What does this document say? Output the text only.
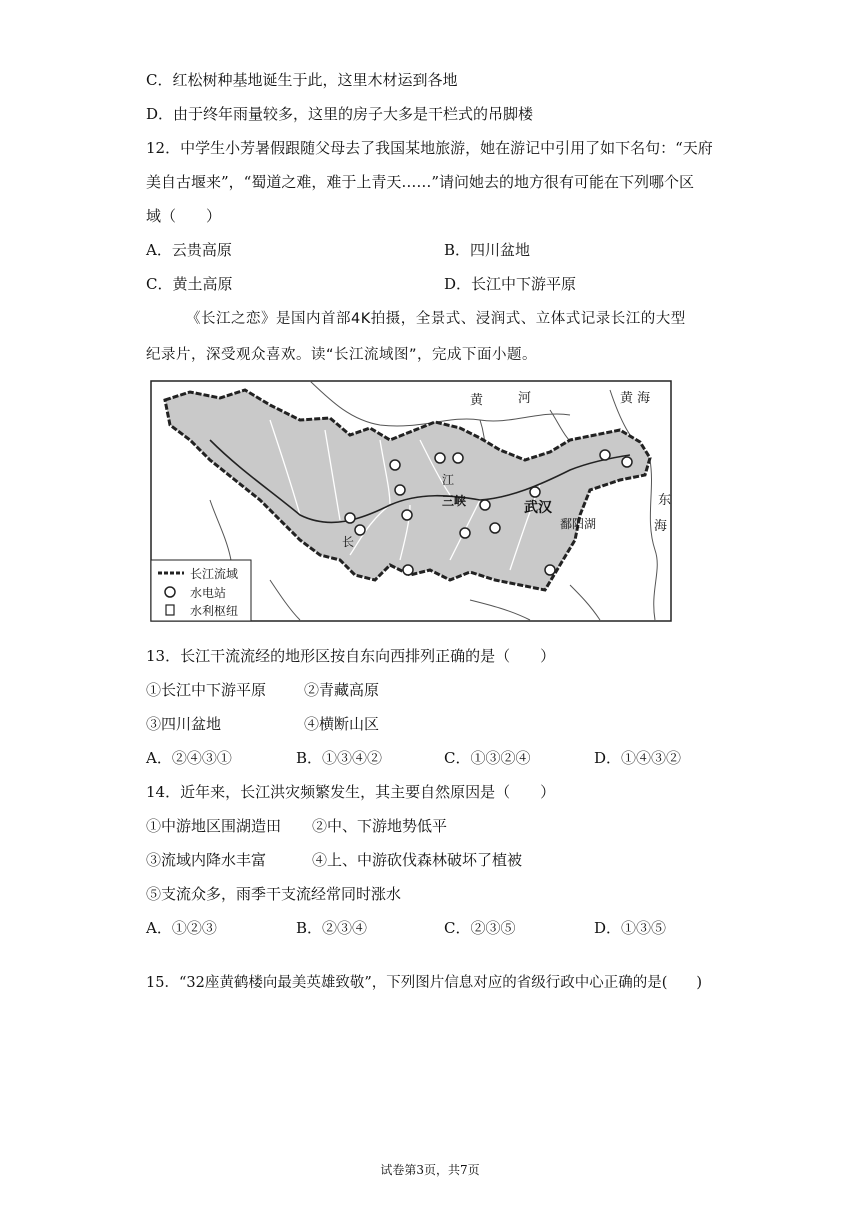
C．红松树种基地诞生于此，这里木材运到各地
D．由于终年雨量较多，这里的房子大多是干栏式的吊脚楼
12．中学生小芳暑假跟随父母去了我国某地旅游，她在游记中引用了如下名句：“天府
美自古堰来”，“蜀道之难，难于上青天……”请问她去的地方很有可能在下列哪个区
域（　　）
A．云贵高原	B．四川盆地
C．黄土高原	D．长江中下游平原
《长江之恋》是国内首部4K拍摄，全景式、浸润式、立体式记录长江的大型
纪录片，深受观众喜欢。读“长江流域图”，完成下面小题。
黄	河	黄 海
东
海
江
长
三峡	武汉
鄱阳湖
长江流域
水电站
水利枢纽
13．长江干流流经的地形区按自东向西排列正确的是（　　）
①长江中下游平原	②青藏高原
③四川盆地	④横断山区
A．②④③①	B．①③④②	C．①③②④	D．①④③②
14．近年来，长江洪灾频繁发生，其主要自然原因是（　　）
①中游地区围湖造田 ②中、下游地势低平
③流域内降水丰富	④上、中游砍伐森林破坏了植被
⑤支流众多，雨季干支流经常同时涨水
A．①②③	B．②③④	C．②③⑤	D．①③⑤
15．“32座黄鹤楼向最美英雄致敬”，下列图片信息对应的省级行政中心正确的是(　　)
试卷第3页，共7页
